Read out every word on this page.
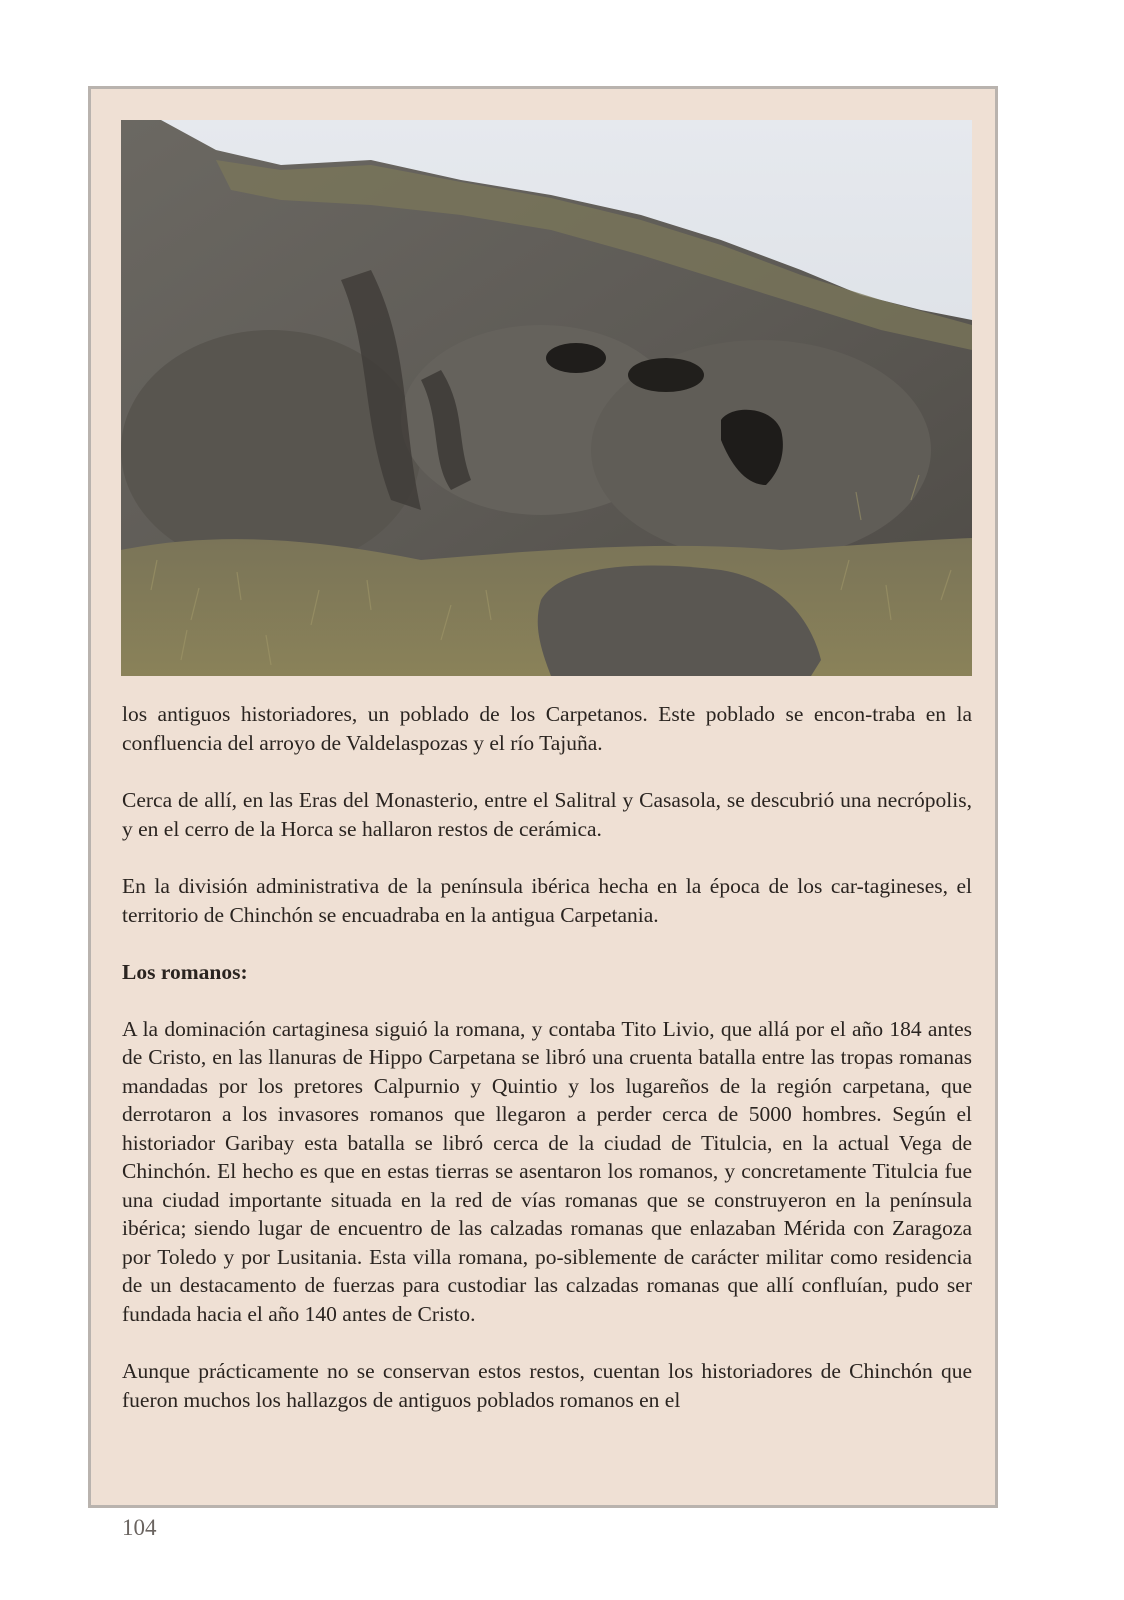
los antiguos historiadores, un poblado de los Carpetanos. Este poblado se encon-traba en la confluencia del arroyo de Valdelaspozas y el río Tajuña.

Cerca de allí, en las Eras del Monasterio, entre el Salitral y Casasola, se descubrió una necrópolis, y en el cerro de la Horca se hallaron restos de cerámica.

En la división administrativa de la península ibérica hecha en la época de los car-tagineses, el territorio de Chinchón se encuadraba en la antigua Carpetania.

Los romanos:

A la dominación cartaginesa siguió la romana, y contaba Tito Livio, que allá por el año 184 antes de Cristo, en las llanuras de Hippo Carpetana se libró una cruenta batalla entre las tropas romanas mandadas por los pretores Calpurnio y Quintio y los lugareños de la región carpetana, que derrotaron a los invasores romanos que llegaron a perder cerca de 5000 hombres. Según el historiador Garibay esta batalla se libró cerca de la ciudad de Titulcia, en la actual Vega de Chinchón. El hecho es que en estas tierras se asentaron los romanos, y concretamente Titulcia fue una ciudad importante situada en la red de vías romanas que se construyeron en la península ibérica; siendo lugar de encuentro de las calzadas romanas que enlazaban Mérida con Zaragoza por Toledo y por Lusitania. Esta villa romana, po-siblemente de carácter militar como residencia de un destacamento de fuerzas para custodiar las calzadas romanas que allí confluían, pudo ser fundada hacia el año 140 antes de Cristo.

Aunque prácticamente no se conservan estos restos, cuentan los historiadores de Chinchón que fueron muchos los hallazgos de antiguos poblados romanos en el

104
